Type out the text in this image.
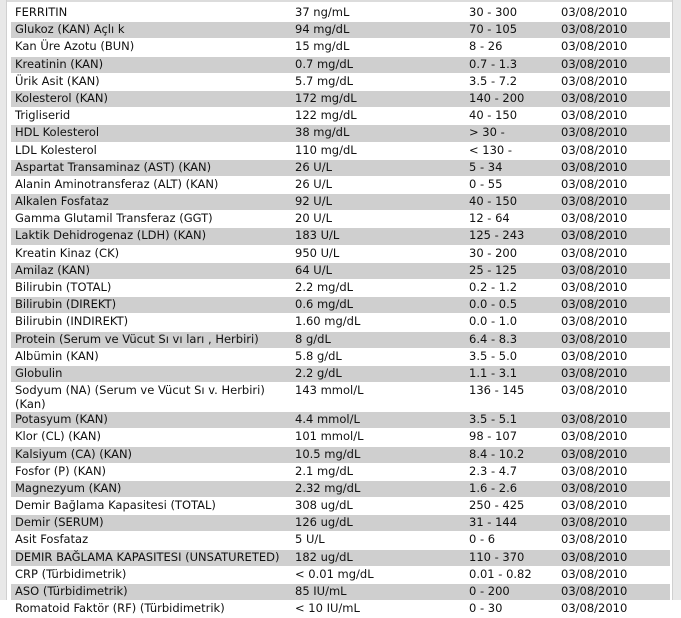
FERRITIN	37 ng/mL	30 - 300	03/08/2010
Glukoz (KAN) Açlı k	94 mg/dL	70 - 105	03/08/2010
Kan Üre Azotu (BUN)	15 mg/dL	8 - 26	03/08/2010
Kreatinin (KAN)	0.7 mg/dL	0.7 - 1.3	03/08/2010
Ürik Asit (KAN)	5.7 mg/dL	3.5 - 7.2	03/08/2010
Kolesterol (KAN)	172 mg/dL	140 - 200	03/08/2010
Trigliserid	122 mg/dL	40 - 150	03/08/2010
HDL Kolesterol	38 mg/dL	> 30 -	03/08/2010
LDL Kolesterol	110 mg/dL	< 130 -	03/08/2010
Aspartat Transaminaz (AST) (KAN)	26 U/L	5 - 34	03/08/2010
Alanin Aminotransferaz (ALT) (KAN)	26 U/L	0 - 55	03/08/2010
Alkalen Fosfataz	92 U/L	40 - 150	03/08/2010
Gamma Glutamil Transferaz (GGT)	20 U/L	12 - 64	03/08/2010
Laktik Dehidrogenaz (LDH) (KAN)	183 U/L	125 - 243	03/08/2010
Kreatin Kinaz (CK)	950 U/L	30 - 200	03/08/2010
Amilaz (KAN)	64 U/L	25 - 125	03/08/2010
Bilirubin (TOTAL)	2.2 mg/dL	0.2 - 1.2	03/08/2010
Bilirubin (DIREKT)	0.6 mg/dL	0.0 - 0.5	03/08/2010
Bilirubin (INDIREKT)	1.60 mg/dL	0.0 - 1.0	03/08/2010
Protein (Serum ve Vücut Sı vı ları , Herbiri)	8 g/dL	6.4 - 8.3	03/08/2010
Albümin (KAN)	5.8 g/dL	3.5 - 5.0	03/08/2010
Globulin	2.2 g/dL	1.1 - 3.1	03/08/2010
Sodyum (NA) (Serum ve Vücut Sı v. Herbiri) (Kan)	143 mmol/L	136 - 145	03/08/2010
Potasyum (KAN)	4.4 mmol/L	3.5 - 5.1	03/08/2010
Klor (CL) (KAN)	101 mmol/L	98 - 107	03/08/2010
Kalsiyum (CA) (KAN)	10.5 mg/dL	8.4 - 10.2	03/08/2010
Fosfor (P) (KAN)	2.1 mg/dL	2.3 - 4.7	03/08/2010
Magnezyum (KAN)	2.32 mg/dL	1.6 - 2.6	03/08/2010
Demir Bağlama Kapasitesi (TOTAL)	308 ug/dL	250 - 425	03/08/2010
Demir (SERUM)	126 ug/dL	31 - 144	03/08/2010
Asit Fosfataz	5 U/L	0 - 6	03/08/2010
DEMIR BAĞLAMA KAPASITESI (UNSATURETED)	182 ug/dL	110 - 370	03/08/2010
CRP (Türbidimetrik)	< 0.01 mg/dL	0.01 - 0.82	03/08/2010
ASO (Türbidimetrik)	85 IU/mL	0 - 200	03/08/2010
Romatoid Faktör (RF) (Türbidimetrik)	< 10 IU/mL	0 - 30	03/08/2010
